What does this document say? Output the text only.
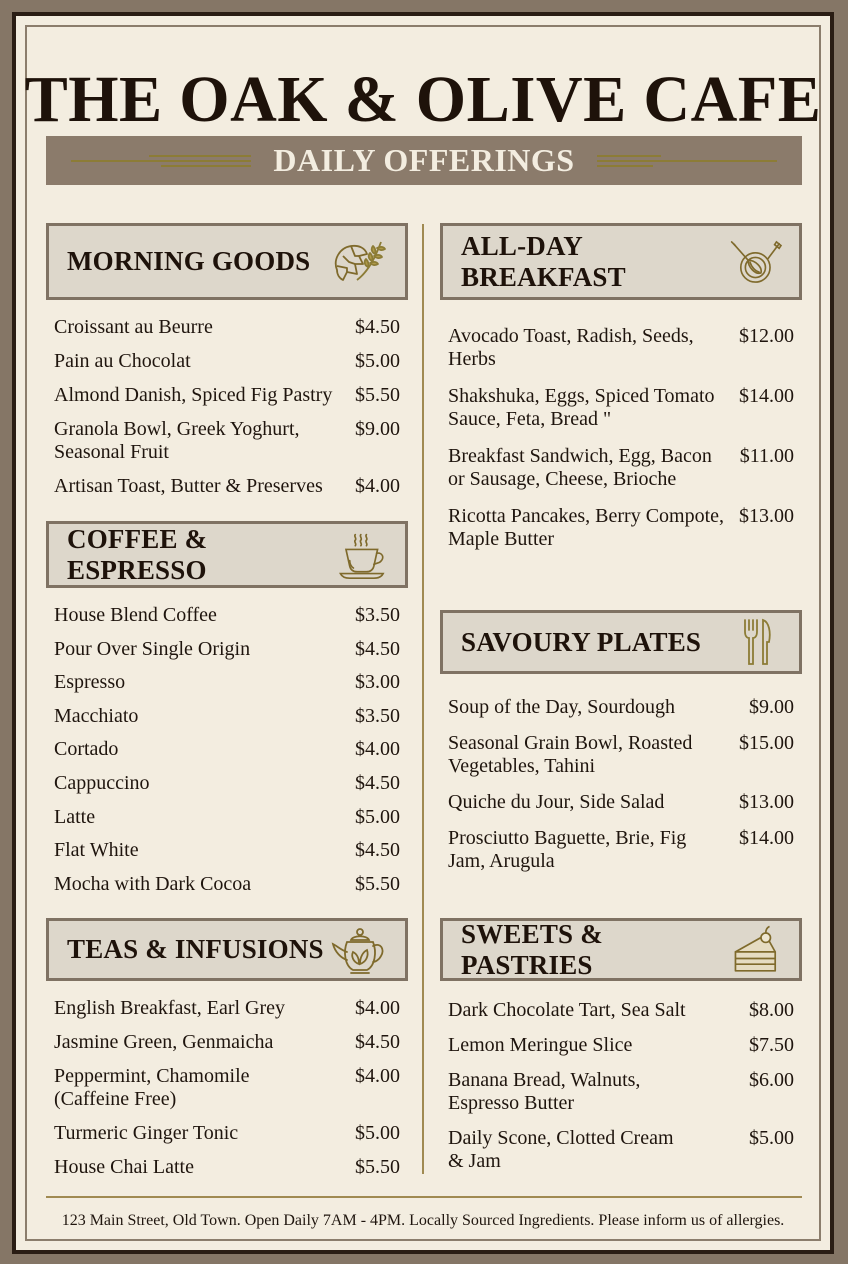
THE OAK & OLIVE CAFE
DAILY OFFERINGS
MORNING GOODS
Croissant au Beurre	$4.50
Pain au Chocolat	$5.00
Almond Danish, Spiced Fig Pastry	$5.50
Granola Bowl, Greek Yoghurt, Seasonal Fruit
$9.00
Artisan Toast, Butter & Preserves	$4.00
COFFEE & ESPRESSO
House Blend Coffee	$3.50
Pour Over Single Origin	$4.50
Espresso	$3.00
Macchiato	$3.50
Cortado	$4.00
Cappuccino	$4.50
Latte	$5.00
Flat White	$4.50
Mocha with Dark Cocoa	$5.50
TEAS & INFUSIONS
English Breakfast, Earl Grey	$4.00
Jasmine Green, Genmaicha	$4.50
Peppermint, Chamomile (Caffeine Free)
$4.00
Turmeric Ginger Tonic	$5.00
House Chai Latte	$5.50
ALL-DAY BREAKFAST
Avocado Toast, Radish, Seeds, Herbs
$12.00
Shakshuka, Eggs, Spiced Tomato Sauce, Feta, Bread "
$14.00
Breakfast Sandwich, Egg, Bacon or Sausage, Cheese, Brioche
$11.00
Ricotta Pancakes, Berry Compote, Maple Butter
$13.00
SAVOURY PLATES
Soup of the Day, Sourdough	$9.00
Seasonal Grain Bowl, Roasted Vegetables, Tahini
$15.00
Quiche du Jour, Side Salad	$13.00
Prosciutto Baguette, Brie, Fig Jam, Arugula
$14.00
SWEETS & PASTRIES
Dark Chocolate Tart, Sea Salt	$8.00
Lemon Meringue Slice	$7.50
Banana Bread, Walnuts, Espresso Butter
$6.00
Daily Scone, Clotted Cream & Jam
$5.00
123 Main Street, Old Town. Open Daily 7AM - 4PM. Locally Sourced Ingredients. Please inform us of allergies.
